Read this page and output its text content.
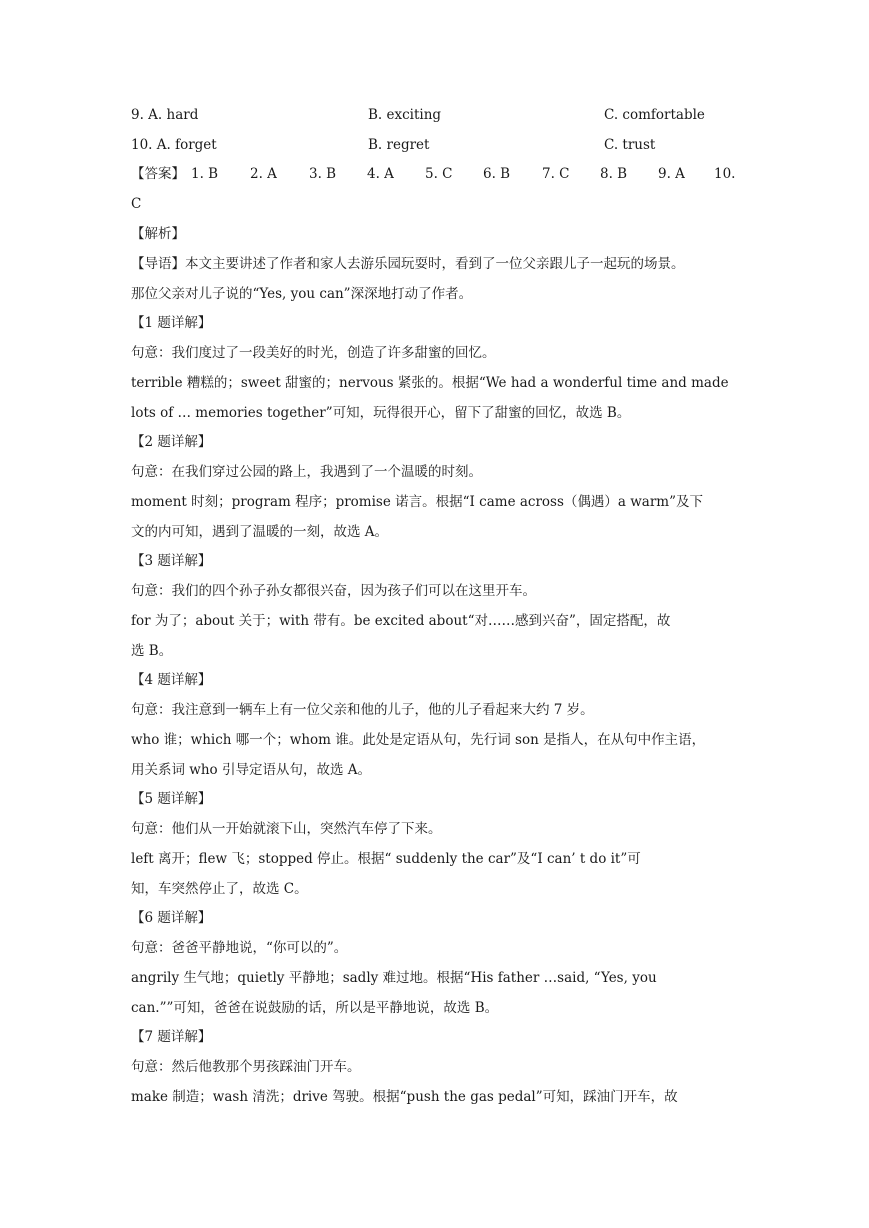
9. A. hard	B. exciting	C. comfortable
10. A. forget	B. regret	C. trust
【答案】 1. B 2. A 3. B 4. A 5. C 6. B 7. C 8. B 9. A 10.
C
【解析】
【导语】本文主要讲述了作者和家人去游乐园玩耍时，看到了一位父亲跟儿子一起玩的场景。
那位父亲对儿子说的“Yes, you can”深深地打动了作者。
【1 题详解】
句意：我们度过了一段美好的时光，创造了许多甜蜜的回忆。
terrible 糟糕的；sweet 甜蜜的；nervous 紧张的。根据“We had a wonderful time and made
lots of … memories together”可知，玩得很开心，留下了甜蜜的回忆，故选 B。
【2 题详解】
句意：在我们穿过公园的路上，我遇到了一个温暖的时刻。
moment 时刻；program 程序；promise 诺言。根据“I came across（偶遇）a warm”及下
文的内可知，遇到了温暖的一刻，故选 A。
【3 题详解】
句意：我们的四个孙子孙女都很兴奋，因为孩子们可以在这里开车。
for 为了；about 关于；with 带有。be excited about“对……感到兴奋”，固定搭配，故
选 B。
【4 题详解】
句意：我注意到一辆车上有一位父亲和他的儿子，他的儿子看起来大约 7 岁。
who 谁；which 哪一个；whom 谁。此处是定语从句，先行词 son 是指人，在从句中作主语，
用关系词 who 引导定语从句，故选 A。
【5 题详解】
句意：他们从一开始就滚下山，突然汽车停了下来。
left 离开；flew 飞；stopped 停止。根据“ suddenly the car”及“I can’ t do it”可
知，车突然停止了，故选 C。
【6 题详解】
句意：爸爸平静地说，“你可以的”。
angrily 生气地；quietly 平静地；sadly 难过地。根据“His father …said, “Yes, you
can.””可知，爸爸在说鼓励的话，所以是平静地说，故选 B。
【7 题详解】
句意：然后他教那个男孩踩油门开车。
make 制造；wash 清洗；drive 驾驶。根据“push the gas pedal”可知，踩油门开车，故
